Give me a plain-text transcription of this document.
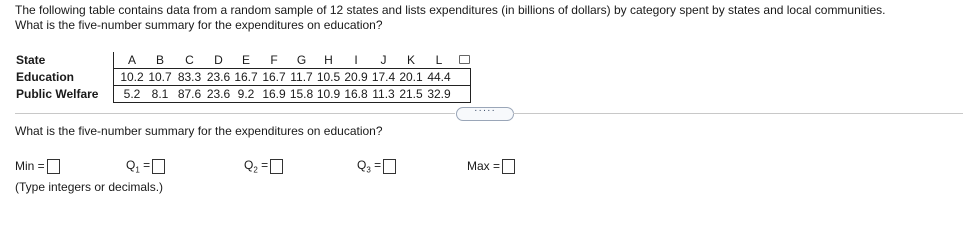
The following table contains data from a random sample of 12 states and lists expenditures (in billions of dollars) by category spent by states and local communities.
What is the five-number summary for the expenditures on education?
State	A B C D E F G H I J K L
Education	10.2 10.7 83.3 23.6 16.7 16.7 11.7 10.5 20.9 17.4 20.1 44.4
Public Welfare	5.2 8.1 87.6 23.6 9.2 16.9 15.8 10.9 16.8 11.3 21.5 32.9
·····
What is the five-number summary for the expenditures on education?
Min =	$Q_1$ =	$Q_2$ =	$Q_3$ =	Max =
(Type integers or decimals.)
